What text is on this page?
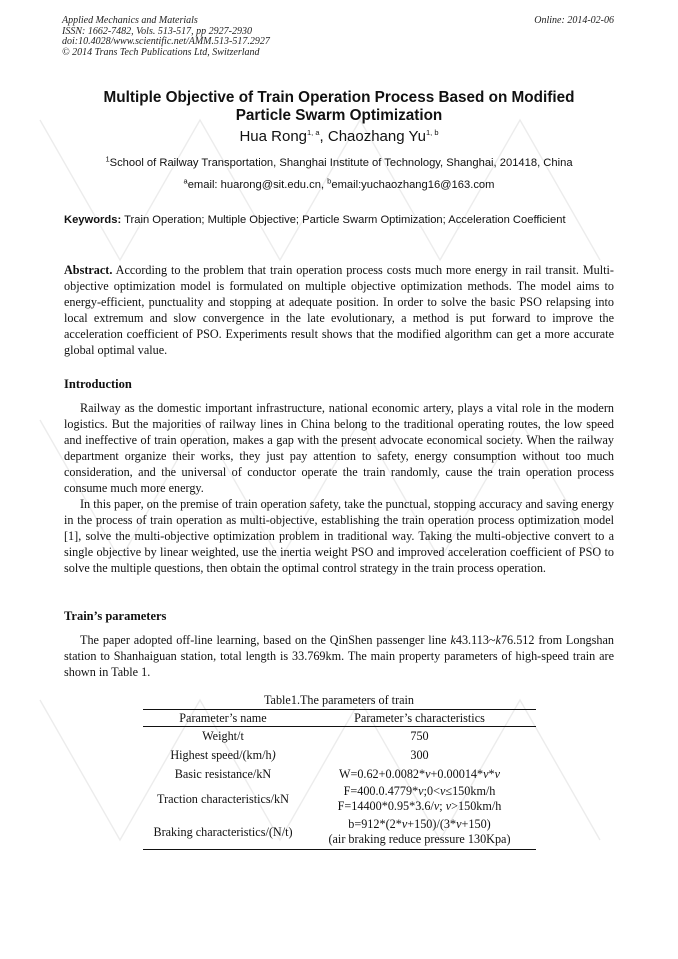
Applied Mechanics and Materials
ISSN: 1662-7482, Vols. 513-517, pp 2927-2930
doi:10.4028/www.scientific.net/AMM.513-517.2927
© 2014 Trans Tech Publications Ltd, Switzerland
Online: 2014-02-06
Multiple Objective of Train Operation Process Based on Modified
Particle Swarm Optimization
Hua Rong$^{1, a}$, Chaozhang Yu$^{1, b}$
$^1$School of Railway Transportation, Shanghai Institute of Technology, Shanghai, 201418, China
$^a$email: huarong@sit.edu.cn, $^b$email:yuchaozhang16@163.com
Keywords: Train Operation; Multiple Objective; Particle Swarm Optimization; Acceleration Coefficient
Abstract. According to the problem that train operation process costs much more energy in rail transit. Multi-objective optimization model is formulated on multiple objective optimization methods. The model aims to energy-efficient, punctuality and stopping at adequate position. In order to solve the basic PSO relapsing into local extremum and slow convergence in the late evolutionary, a method is put forward to improve the acceleration coefficient of PSO. Experiments result shows that the modified algorithm can get a more accurate global optimal value.
Introduction
Railway as the domestic important infrastructure, national economic artery, plays a vital role in the modern logistics. But the majorities of railway lines in China belong to the traditional operating routes, the low speed and ineffective of train operation, makes a gap with the present advocate economical society. When the railway department organize their works, they just pay attention to safety, energy consumption without too much consideration, and the universal of conductor operate the train randomly, cause the train operation process consume much more energy.
In this paper, on the premise of train operation safety, take the punctual, stopping accuracy and saving energy in the process of train operation as multi-objective, establishing the train operation process optimization model [1], solve the multi-objective optimization problem in traditional way. Taking the multi-objective convert to a single objective by linear weighted, use the inertia weight PSO and improved acceleration coefficient of PSO to solve the multiple questions, then obtain the optimal control strategy in the train process operation.
Train’s parameters
The paper adopted off-line learning, based on the QinShen passenger line k43.113~k76.512 from Longshan station to Shanhaiguan station, total length is 33.769km. The main property parameters of high-speed train are shown in Table 1.
Table1.The parameters of train
Parameter’s name	Parameter’s characteristics
Weight/t	750
Highest speed/(km/h)	300
Basic resistance/kN	W=0.62+0.0082*v+0.00014*v*v
Traction characteristics/kN	F=400.0.4779*v;0<v≤150km/h
F=14400*0.95*3.6/v; v>150km/h

Braking characteristics/(N/t)	b=912*(2*v+150)/(3*v+150)
(air braking reduce pressure 130Kpa)
